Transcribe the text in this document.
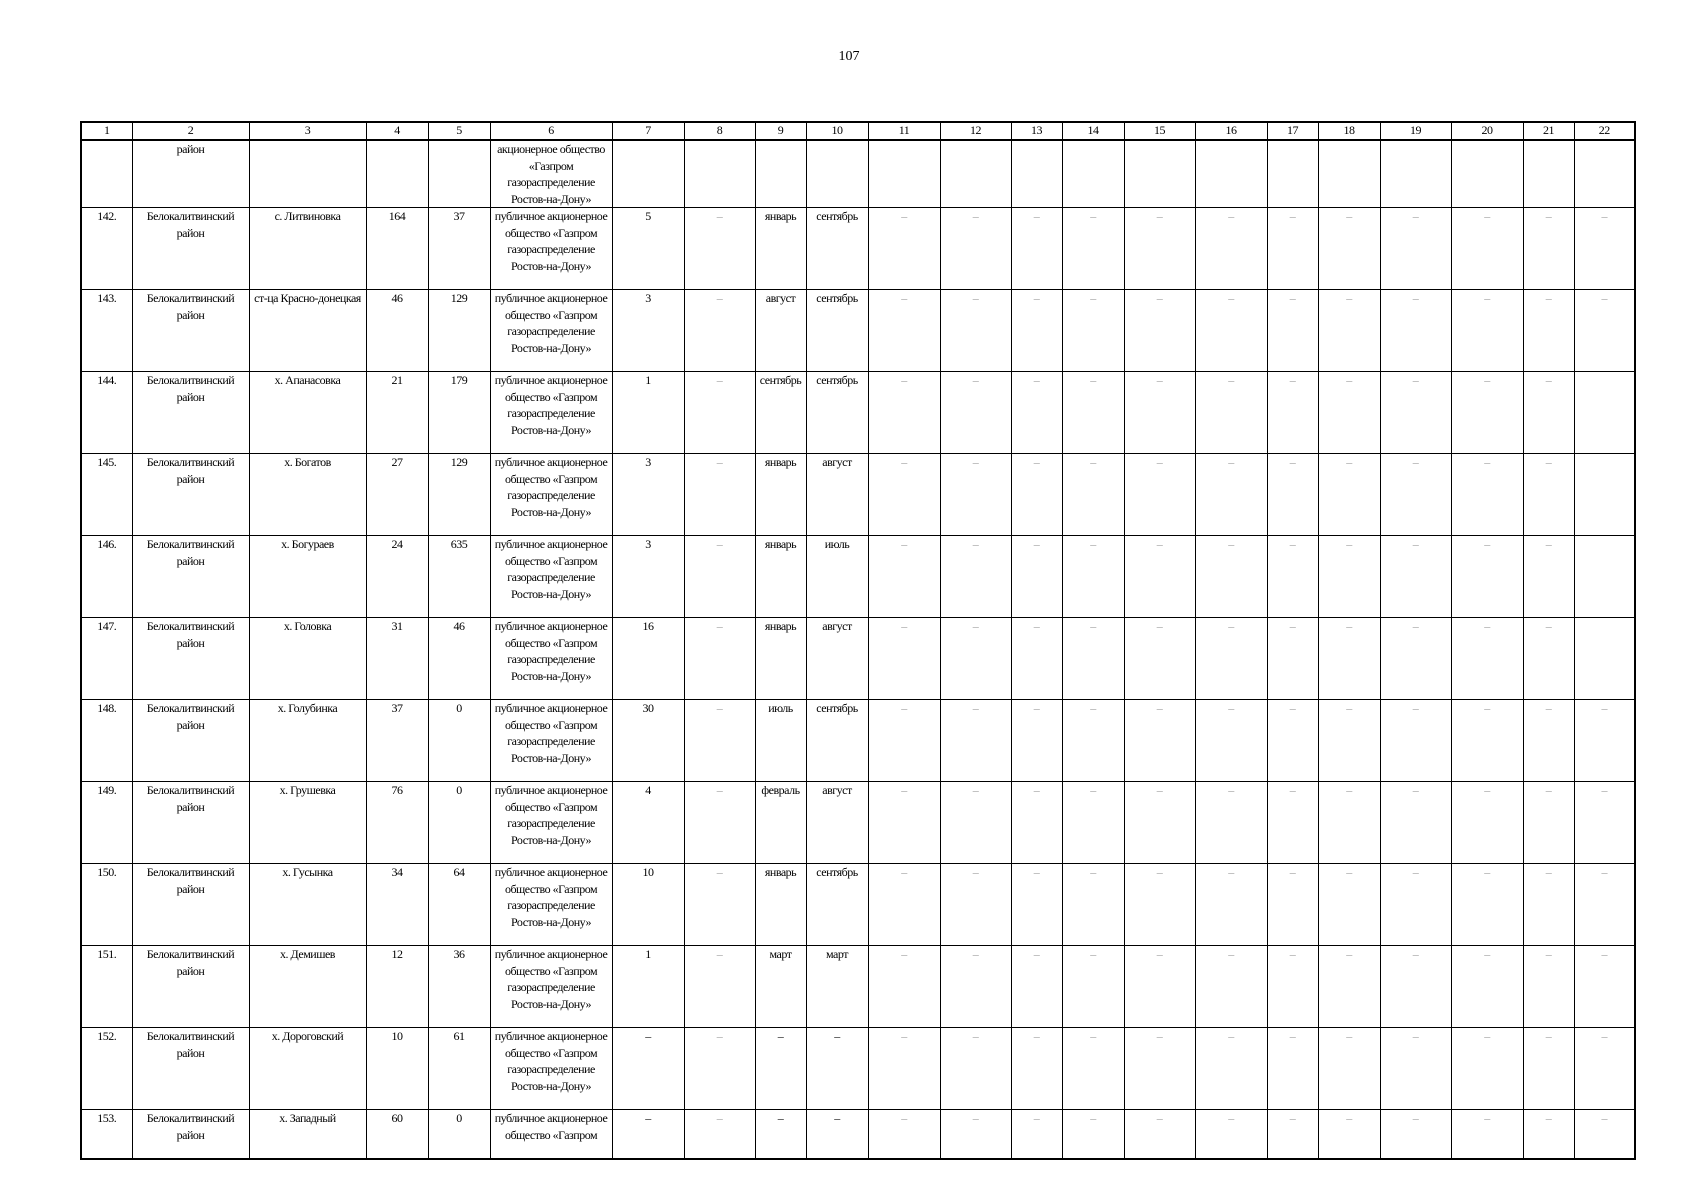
107
1	2	3	4	5	6	7	8	9	10	11	12	13	14	15	16	17	18	19	20	21	22
	район				акционерное общество «Газпром газораспределение Ростов-на-Дону»																
142.	Белокалитвинский район	с. Литвиновка	164	37	публичное акционерное общество «Газпром газораспределение Ростов-на-Дону»	5	–	январь	сентябрь	–	–	–	–	–	–	–	–	–	–	–	–
143.	Белокалитвинский район	ст-ца Красно-донецкая	46	129	публичное акционерное общество «Газпром газораспределение Ростов-на-Дону»	3	–	август	сентябрь	–	–	–	–	–	–	–	–	–	–	–	–
144.	Белокалитвинский район	х. Апанасовка	21	179	публичное акционерное общество «Газпром газораспределение Ростов-на-Дону»	1	–	сентябрь	сентябрь	–	–	–	–	–	–	–	–	–	–	–	
145.	Белокалитвинский район	х. Богатов	27	129	публичное акционерное общество «Газпром газораспределение Ростов-на-Дону»	3	–	январь	август	–	–	–	–	–	–	–	–	–	–	–	
146.	Белокалитвинский район	х. Богураев	24	635	публичное акционерное общество «Газпром газораспределение Ростов-на-Дону»	3	–	январь	июль	–	–	–	–	–	–	–	–	–	–	–	
147.	Белокалитвинский район	х. Головка	31	46	публичное акционерное общество «Газпром газораспределение Ростов-на-Дону»	16	–	январь	август	–	–	–	–	–	–	–	–	–	–	–	
148.	Белокалитвинский район	х. Голубинка	37	0	публичное акционерное общество «Газпром газораспределение Ростов-на-Дону»	30	–	июль	сентябрь	–	–	–	–	–	–	–	–	–	–	–	–
149.	Белокалитвинский район	х. Грушевка	76	0	публичное акционерное общество «Газпром газораспределение Ростов-на-Дону»	4	–	февраль	август	–	–	–	–	–	–	–	–	–	–	–	–
150.	Белокалитвинский район	х. Гусынка	34	64	публичное акционерное общество «Газпром газораспределение Ростов-на-Дону»	10	–	январь	сентябрь	–	–	–	–	–	–	–	–	–	–	–	–
151.	Белокалитвинский район	х. Демишев	12	36	публичное акционерное общество «Газпром газораспределение Ростов-на-Дону»	1	–	март	март	–	–	–	–	–	–	–	–	–	–	–	–
152.	Белокалитвинский район	х. Дороговский	10	61	публичное акционерное общество «Газпром газораспределение Ростов-на-Дону»	–	–	–	–	–	–	–	–	–	–	–	–	–	–	–	–
153.	Белокалитвинский район	х. Западный	60	0	публичное акционерное общество «Газпром	–	–	–	–	–	–	–	–	–	–	–	–	–	–	–	–
